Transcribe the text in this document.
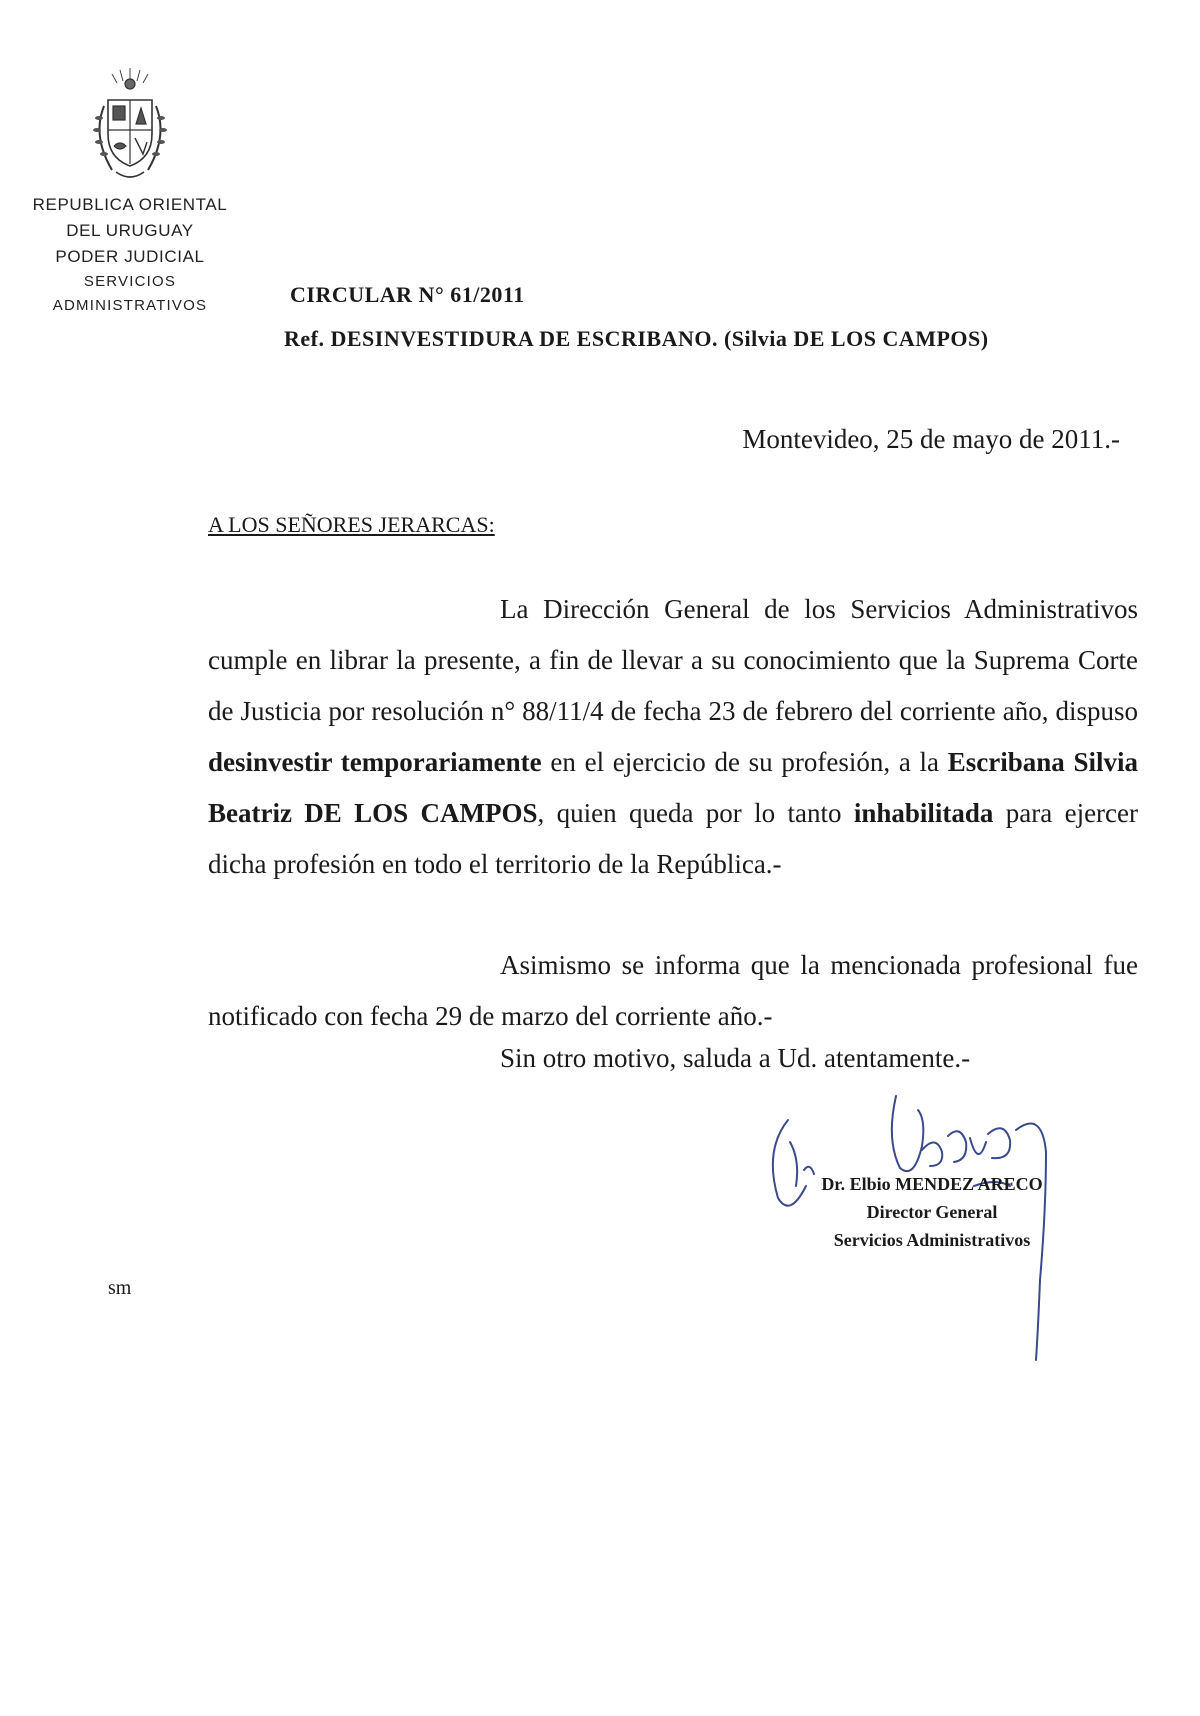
REPUBLICA ORIENTAL
DEL URUGUAY
PODER JUDICIAL
SERVICIOS
ADMINISTRATIVOS	CIRCULAR N° 61/2011
Ref. DESINVESTIDURA DE ESCRIBANO. (Silvia DE LOS CAMPOS)
Montevideo, 25 de mayo de 2011.-
A LOS SEÑORES JERARCAS:
La Dirección General de los Servicios Administrativos cumple en librar la presente, a fin de llevar a su conocimiento que la Suprema Corte de Justicia por resolución n° 88/11/4 de fecha 23 de febrero del corriente año, dispuso desinvestir temporariamente en el ejercicio de su profesión, a la Escribana Silvia Beatriz DE LOS CAMPOS, quien queda por lo tanto inhabilitada para ejercer dicha profesión en todo el territorio de la República.-
Asimismo se informa que la mencionada profesional fue notificado con fecha 29 de marzo del corriente año.-
Sin otro motivo, saluda a Ud. atentamente.-
Dr. Elbio MENDEZ ARECO
Director General
Servicios Administrativos
sm
